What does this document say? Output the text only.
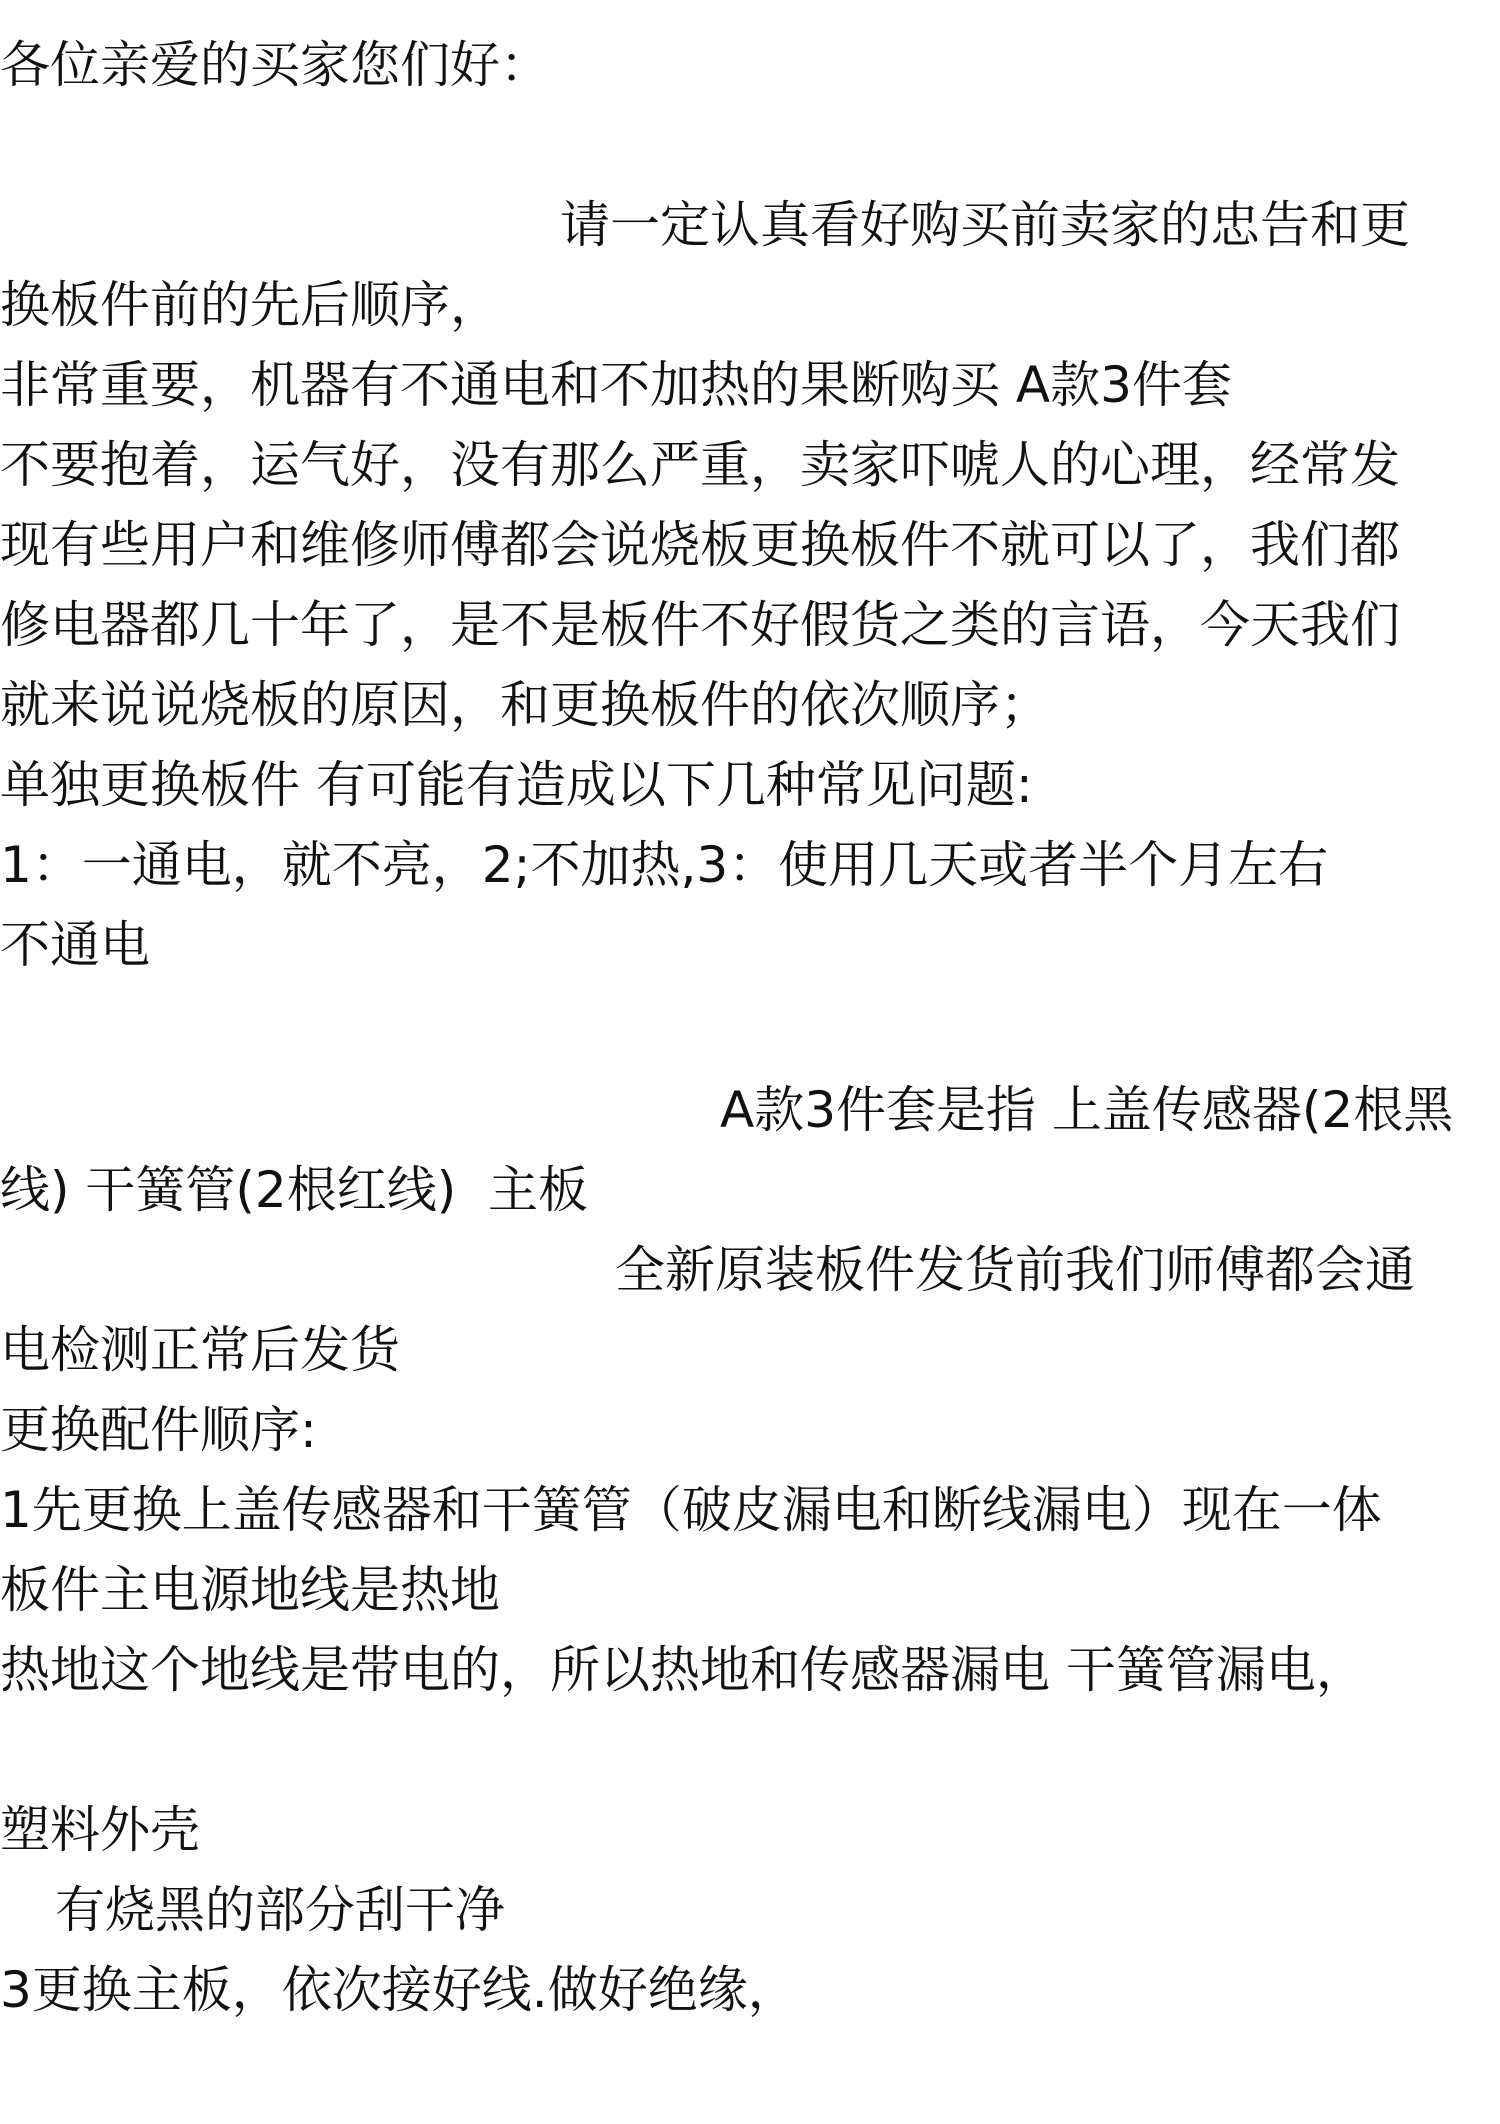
各位亲爱的买家您们好：
请一定认真看好购买前卖家的忠告和更
换板件前的先后顺序，
非常重要，机器有不通电和不加热的果断购买 A款3件套
不要抱着，运气好，没有那么严重，卖家吓唬人的心理，经常发
现有些用户和维修师傅都会说烧板更换板件不就可以了，我们都
修电器都几十年了，是不是板件不好假货之类的言语，今天我们
就来说说烧板的原因，和更换板件的依次顺序；
单独更换板件 有可能有造成以下几种常见问题:
1：一通电，就不亮，2;不加热,3：使用几天或者半个月左右
不通电
A款3件套是指 上盖传感器(2根黑
线) 干簧管(2根红线)  主板
全新原装板件发货前我们师傅都会通
电检测正常后发货
更换配件顺序:
1先更换上盖传感器和干簧管（破皮漏电和断线漏电）现在一体
板件主电源地线是热地
热地这个地线是带电的，所以热地和传感器漏电 干簧管漏电，

塑料外壳
有烧黑的部分刮干净
3更换主板，依次接好线.做好绝缘，
